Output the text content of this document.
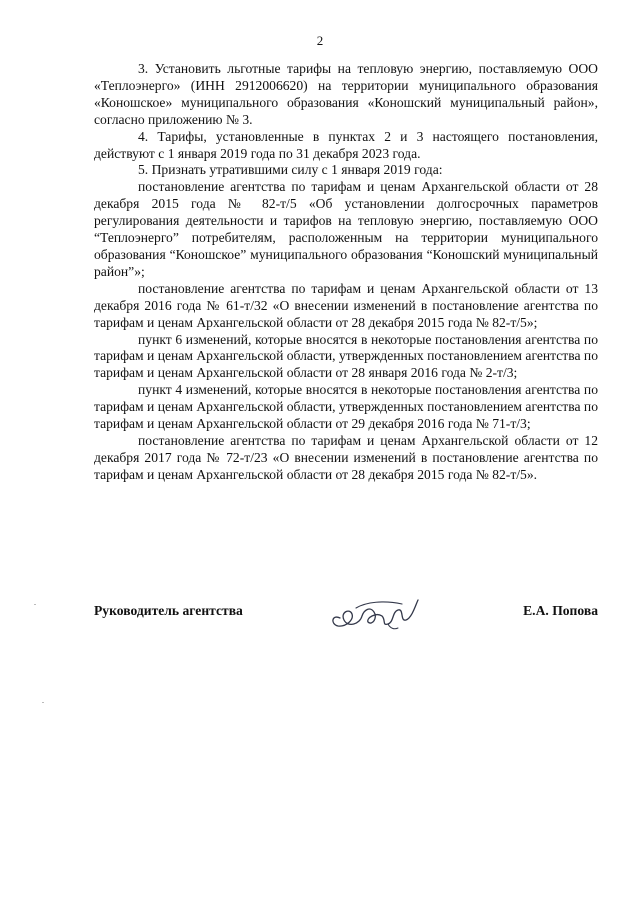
2

3. Установить льготные тарифы на тепловую энергию, поставляемую ООО «Теплоэнерго» (ИНН 2912006620) на территории муниципального образования «Коношское» муниципального образования «Коношский муниципальный район», согласно приложению № 3.

4. Тарифы, установленные в пунктах 2 и 3 настоящего постановления, действуют с 1 января 2019 года по 31 декабря 2023 года.

5. Признать утратившими силу с 1 января 2019 года:

постановление агентства по тарифам и ценам Архангельской области от 28 декабря 2015 года № 82-т/5 «Об установлении долгосрочных параметров регулирования деятельности и тарифов на тепловую энергию, поставляемую ООО “Теплоэнерго” потребителям, расположенным на территории муниципального образования “Коношское” муниципального образования “Коношский муниципальный район”»;

постановление агентства по тарифам и ценам Архангельской области от 13 декабря 2016 года № 61-т/32 «О внесении изменений в постановление агентства по тарифам и ценам Архангельской области от 28 декабря 2015 года № 82-т/5»;

пункт 6 изменений, которые вносятся в некоторые постановления агентства по тарифам и ценам Архангельской области, утвержденных постановлением агентства по тарифам и ценам Архангельской области от 28 января 2016 года № 2-т/3;

пункт 4 изменений, которые вносятся в некоторые постановления агентства по тарифам и ценам Архангельской области, утвержденных постановлением агентства по тарифам и ценам Архангельской области от 29 декабря 2016 года № 71-т/3;

постановление агентства по тарифам и ценам Архангельской области от 12 декабря 2017 года № 72-т/23 «О внесении изменений в постановление агентства по тарифам и ценам Архангельской области от 28 декабря 2015 года № 82-т/5».

Руководитель агентства	Е.А. Попова
